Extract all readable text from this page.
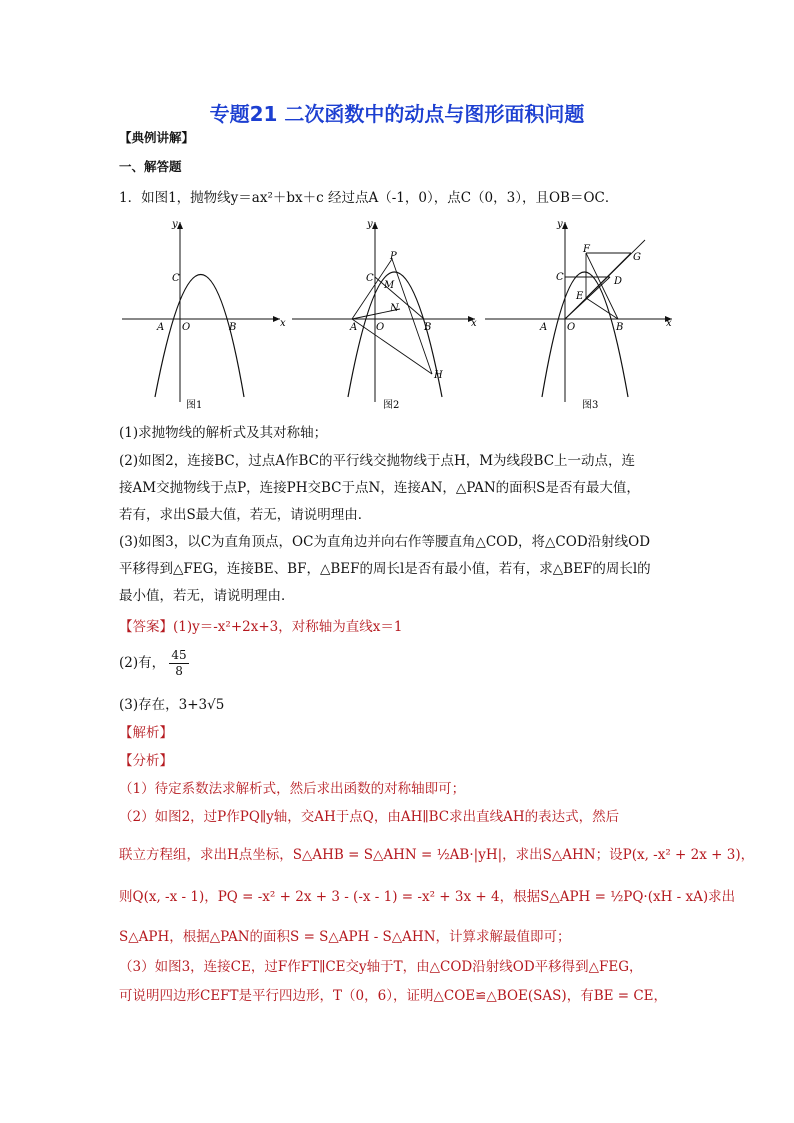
专题21 二次函数中的动点与图形面积问题
【典例讲解】
一、解答题
1．如图1，抛物线y＝ax²＋bx＋c 经过点A（-1，0），点C（0，3），且OB＝OC．
y
x
A O	B
C
图1
y
x
A O	B
C
P
M
N
H
图2
y
x
A O	B
C
F
G
D
E
图3
(1)求抛物线的解析式及其对称轴；
(2)如图2，连接BC，过点A作BC的平行线交抛物线于点H，M为线段BC上一动点，连
接AM交抛物线于点P，连接PH交BC于点N，连接AN，△PAN的面积S是否有最大值，
若有，求出S最大值，若无，请说明理由．
(3)如图3，以C为直角顶点，OC为直角边并向右作等腰直角△COD，将△COD沿射线OD
平移得到△FEG，连接BE、BF，△BEF的周长l是否有最小值，若有，求△BEF的周长l的
最小值，若无，请说明理由．
【答案】(1)y＝-x²+2x+3，对称轴为直线x＝1
(2)有， $\frac{45}{8}$
(3)存在，3+3√5
【解析】
【分析】
（1）待定系数法求解析式，然后求出函数的对称轴即可；
（2）如图2，过P作PQ∥y轴，交AH于点Q，由AH∥BC求出直线AH的表达式，然后
联立方程组，求出H点坐标，S△AHB = S△AHN = ½AB·|yH|，求出S△AHN；设P(x, -x² + 2x + 3)，
则Q(x, -x - 1)，PQ = -x² + 2x + 3 - (-x - 1) = -x² + 3x + 4，根据S△APH = ½PQ·(xH - xA)求出
S△APH，根据△PAN的面积S = S△APH - S△AHN，计算求解最值即可；
（3）如图3，连接CE，过F作FT∥CE交y轴于T，由△COD沿射线OD平移得到△FEG，
可说明四边形CEFT是平行四边形，T（0，6），证明△COE≌△BOE(SAS)，有BE = CE，
